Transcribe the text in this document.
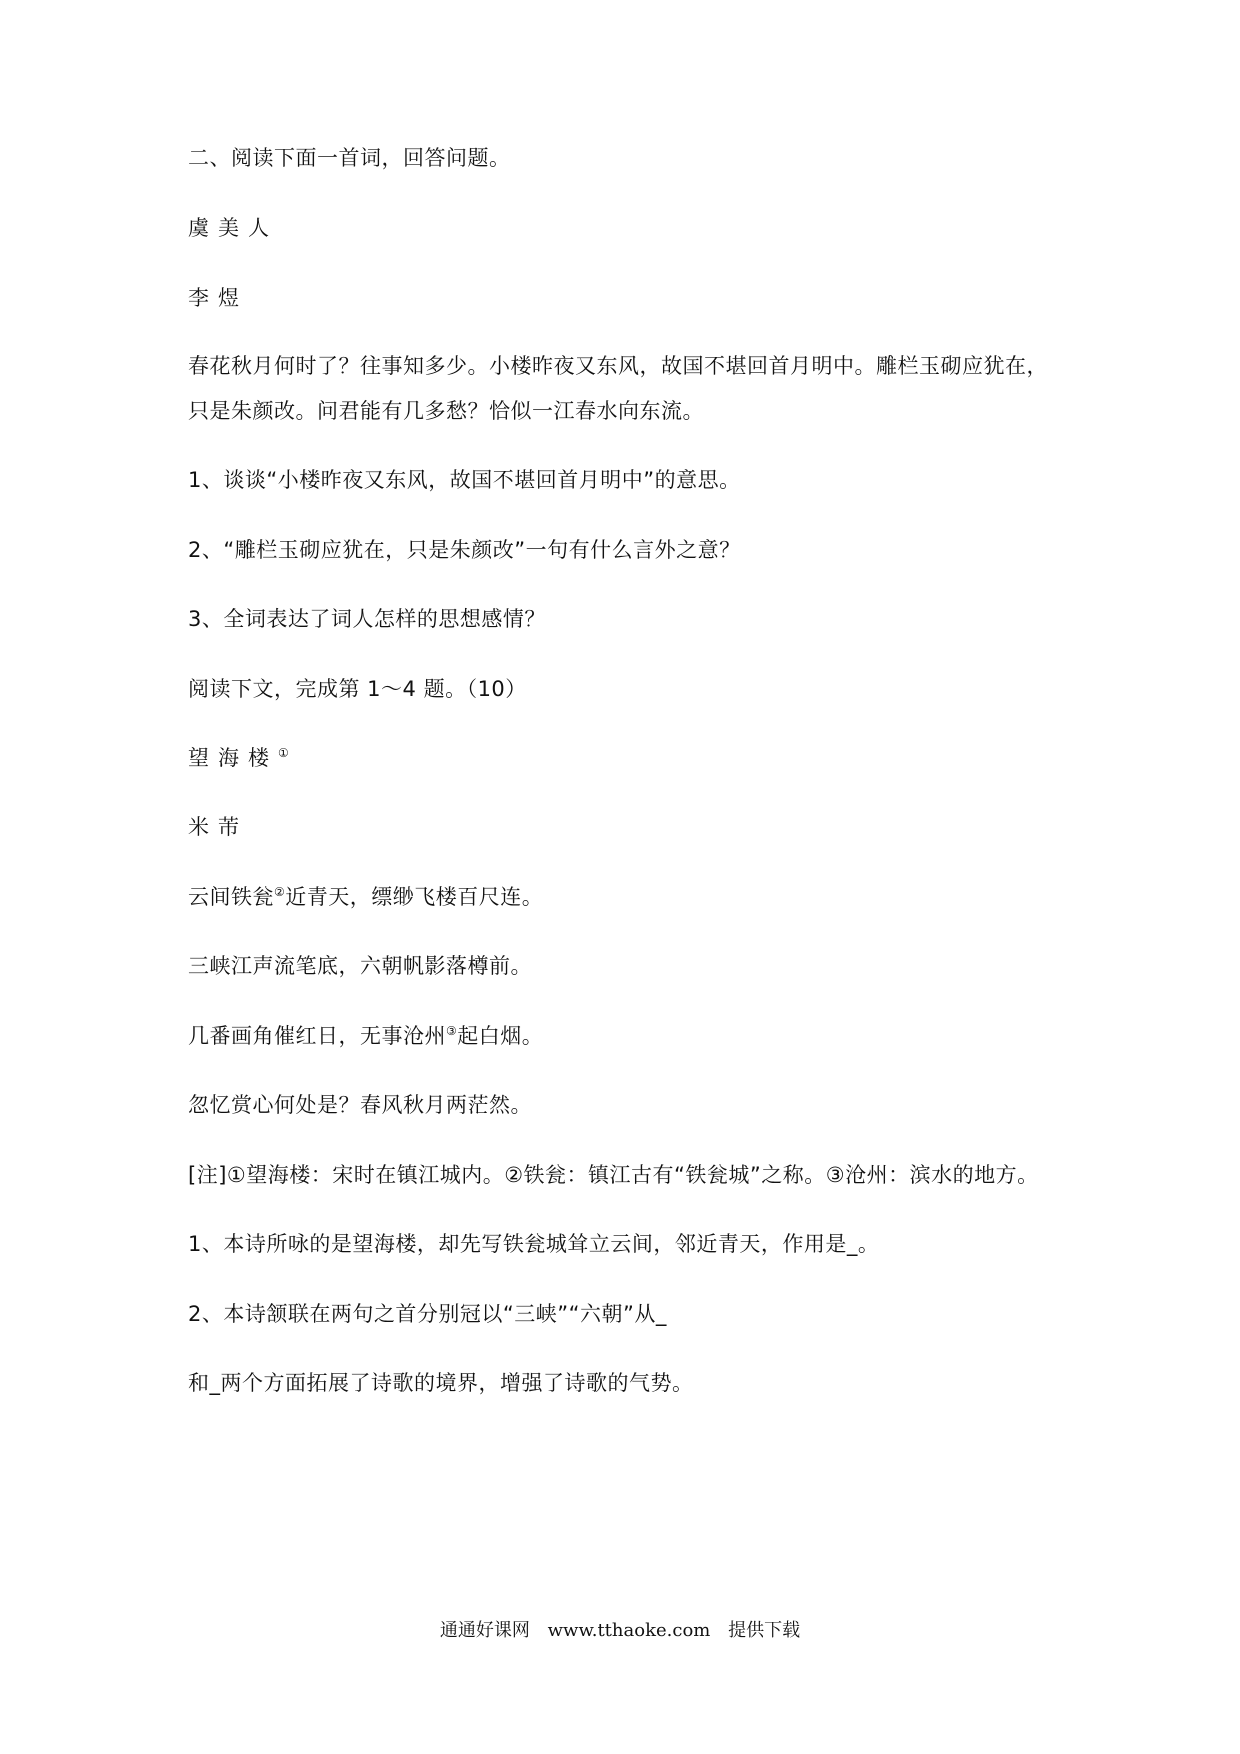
二、阅读下面一首词，回答问题。
虞美人
李煜
春花秋月何时了？往事知多少。小楼昨夜又东风，故国不堪回首月明中。雕栏玉砌应犹在，
只是朱颜改。问君能有几多愁？恰似一江春水向东流。
1、谈谈“小楼昨夜又东风，故国不堪回首月明中”的意思。
2、“雕栏玉砌应犹在，只是朱颜改”一句有什么言外之意？
3、全词表达了词人怎样的思想感情？
阅读下文，完成第 1～4 题。（10）
望海楼①
米芾
云间铁瓮②近青天，缥缈飞楼百尺连。
三峡江声流笔底，六朝帆影落樽前。
几番画角催红日，无事沧州③起白烟。
忽忆赏心何处是？春风秋月两茫然。
[注]①望海楼：宋时在镇江城内。②铁瓮：镇江古有“铁瓮城”之称。③沧州：滨水的地方。
1、本诗所咏的是望海楼，却先写铁瓮城耸立云间，邻近青天，作用是_。
2、本诗颔联在两句之首分别冠以“三峡”“六朝”从_
和_两个方面拓展了诗歌的境界，增强了诗歌的气势。
通通好课网 www.tthaoke.com 提供下载
